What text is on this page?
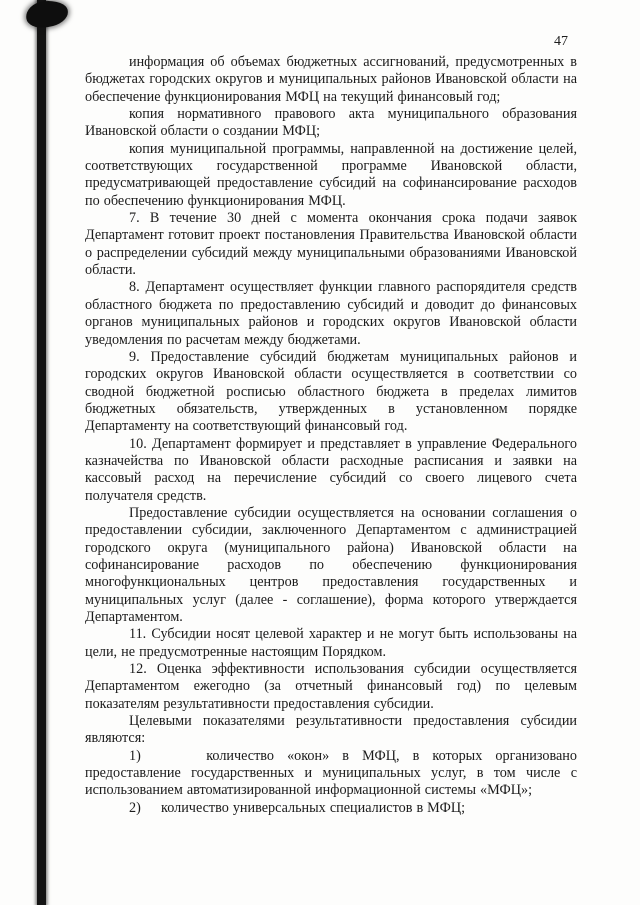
47

информация об объемах бюджетных ассигнований, предусмотренных в бюджетах городских округов и муниципальных районов Ивановской области на обеспечение функционирования МФЦ на текущий финансовый год;

копия нормативного правового акта муниципального образования Ивановской области о создании МФЦ;

копия муниципальной программы, направленной на достижение целей, соответствующих государственной программе Ивановской области, предусматривающей предоставление субсидий на софинансирование расходов по обеспечению функционирования МФЦ.

7. В течение 30 дней с момента окончания срока подачи заявок Департамент готовит проект постановления Правительства Ивановской области о распределении субсидий между муниципальными образованиями Ивановской области.

8. Департамент осуществляет функции главного распорядителя средств областного бюджета по предоставлению субсидий и доводит до финансовых органов муниципальных районов и городских округов Ивановской области уведомления по расчетам между бюджетами.

9. Предоставление субсидий бюджетам муниципальных районов и городских округов Ивановской области осуществляется в соответствии со сводной бюджетной росписью областного бюджета в пределах лимитов бюджетных обязательств, утвержденных в установленном порядке Департаменту на соответствующий финансовый год.

10. Департамент формирует и представляет в управление Федерального казначейства по Ивановской области расходные расписания и заявки на кассовый расход на перечисление субсидий со своего лицевого счета получателя средств.

Предоставление субсидии осуществляется на основании соглашения о предоставлении субсидии, заключенного Департаментом с администрацией городского округа (муниципального района) Ивановской области на софинансирование расходов по обеспечению функционирования многофункциональных центров предоставления государственных и муниципальных услуг (далее - соглашение), форма которого утверждается Департаментом.

11. Субсидии носят целевой характер и не могут быть использованы на цели, не предусмотренные настоящим Порядком.

12. Оценка эффективности использования субсидии осуществляется Департаментом ежегодно (за отчетный финансовый год) по целевым показателям результативности предоставления субсидии.

Целевыми показателями результативности предоставления субсидии являются:

1)     количество «окон» в МФЦ, в которых организовано предоставление государственных и муниципальных услуг, в том числе с использованием автоматизированной информационной системы «МФЦ»;

2)     количество универсальных специалистов в МФЦ;
